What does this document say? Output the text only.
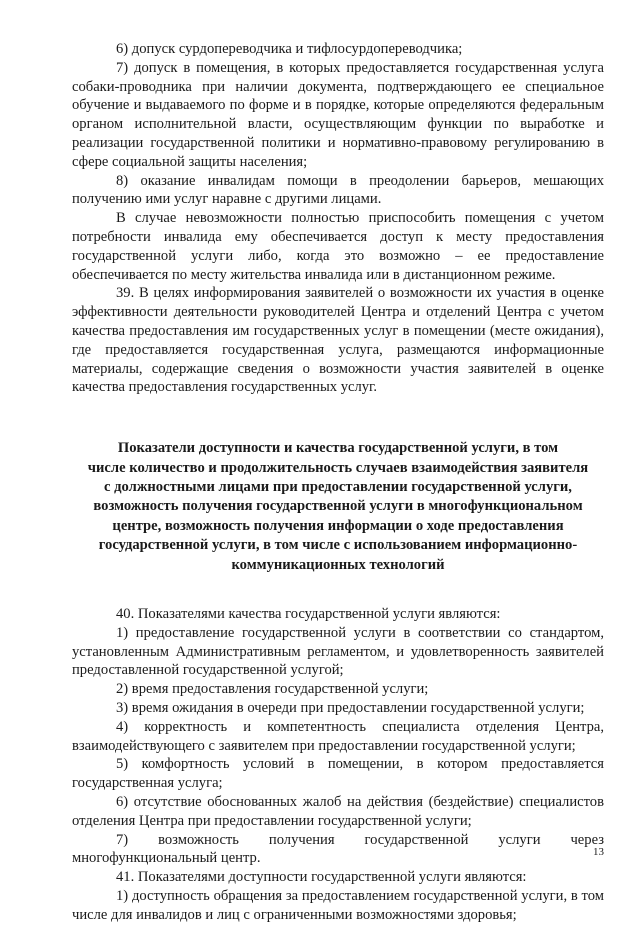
6) допуск сурдопереводчика и тифлосурдопереводчика;

7) допуск в помещения, в которых предоставляется государственная услуга собаки-проводника при наличии документа, подтверждающего ее специальное обучение и выдаваемого по форме и в порядке, которые определяются федеральным органом исполнительной власти, осуществляющим функции по выработке и реализации государственной политики и нормативно-правовому регулированию в сфере социальной защиты населения;

8) оказание инвалидам помощи в преодолении барьеров, мешающих получению ими услуг наравне с другими лицами.

В случае невозможности полностью приспособить помещения с учетом потребности инвалида ему обеспечивается доступ к месту предоставления государственной услуги либо, когда это возможно – ее предоставление обеспечивается по месту жительства инвалида или в дистанционном режиме.

39. В целях информирования заявителей о возможности их участия в оценке эффективности деятельности руководителей Центра и отделений Центра с учетом качества предоставления им государственных услуг в помещении (месте ожидания), где предоставляется государственная услуга, размещаются информационные материалы, содержащие сведения о возможности участия заявителей в оценке качества предоставления государственных услуг.

Показатели доступности и качества государственной услуги, в том
числе количество и продолжительность случаев взаимодействия заявителя
с должностными лицами при предоставлении государственной услуги,
возможность получения государственной услуги в многофункциональном
центре, возможность получения информации о ходе предоставления
государственной услуги, в том числе с использованием информационно-
коммуникационных технологий

40. Показателями качества государственной услуги являются:

1) предоставление государственной услуги в соответствии со стандартом, установленным Административным регламентом, и удовлетворенность заявителей предоставленной государственной услугой;

2) время предоставления государственной услуги;

3) время ожидания в очереди при предоставлении государственной услуги;

4) корректность и компетентность специалиста отделения Центра, взаимодействующего с заявителем при предоставлении государственной услуги;

5) комфортность условий в помещении, в котором предоставляется государственная услуга;

6) отсутствие обоснованных жалоб на действия (бездействие) специалистов отделения Центра при предоставлении государственной услуги;

7) возможность получения государственной услуги через многофункциональный центр.

41. Показателями доступности государственной услуги являются:

1) доступность обращения за предоставлением государственной услуги, в том числе для инвалидов и лиц с ограниченными возможностями здоровья;

13
